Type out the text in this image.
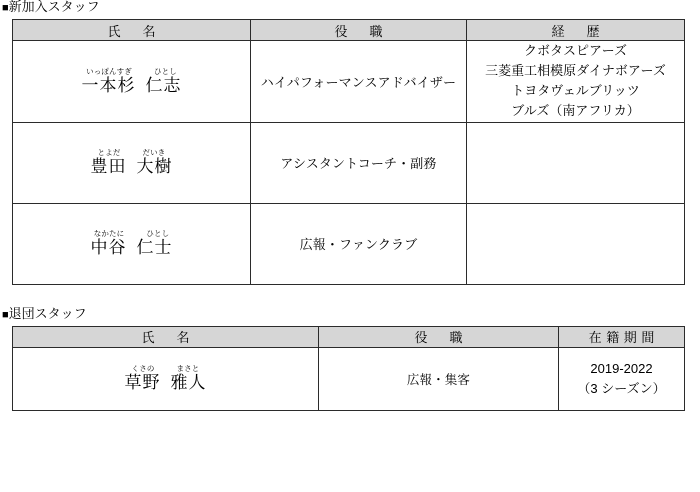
■新加入スタッフ
氏　名	役　職	経　歴

いっぽんすぎ	ひとし
一本杉 仁志	ハイパフォーマンスアドバイザー	
クボタスピアーズ
三菱重工相模原ダイナボアーズ
トヨタヴェルブリッツ
ブルズ（南アフリカ）

とよだ だいき
豊田 大樹	アシスタントコーチ・副務	

なかたに ひとし
中谷 仁士	広報・ファンクラブ	
■退団スタッフ
氏　名	役　職	在籍期間

くさの	まさと
草野 雅人	広報・集客	
2019-2022
（3 シーズン）
